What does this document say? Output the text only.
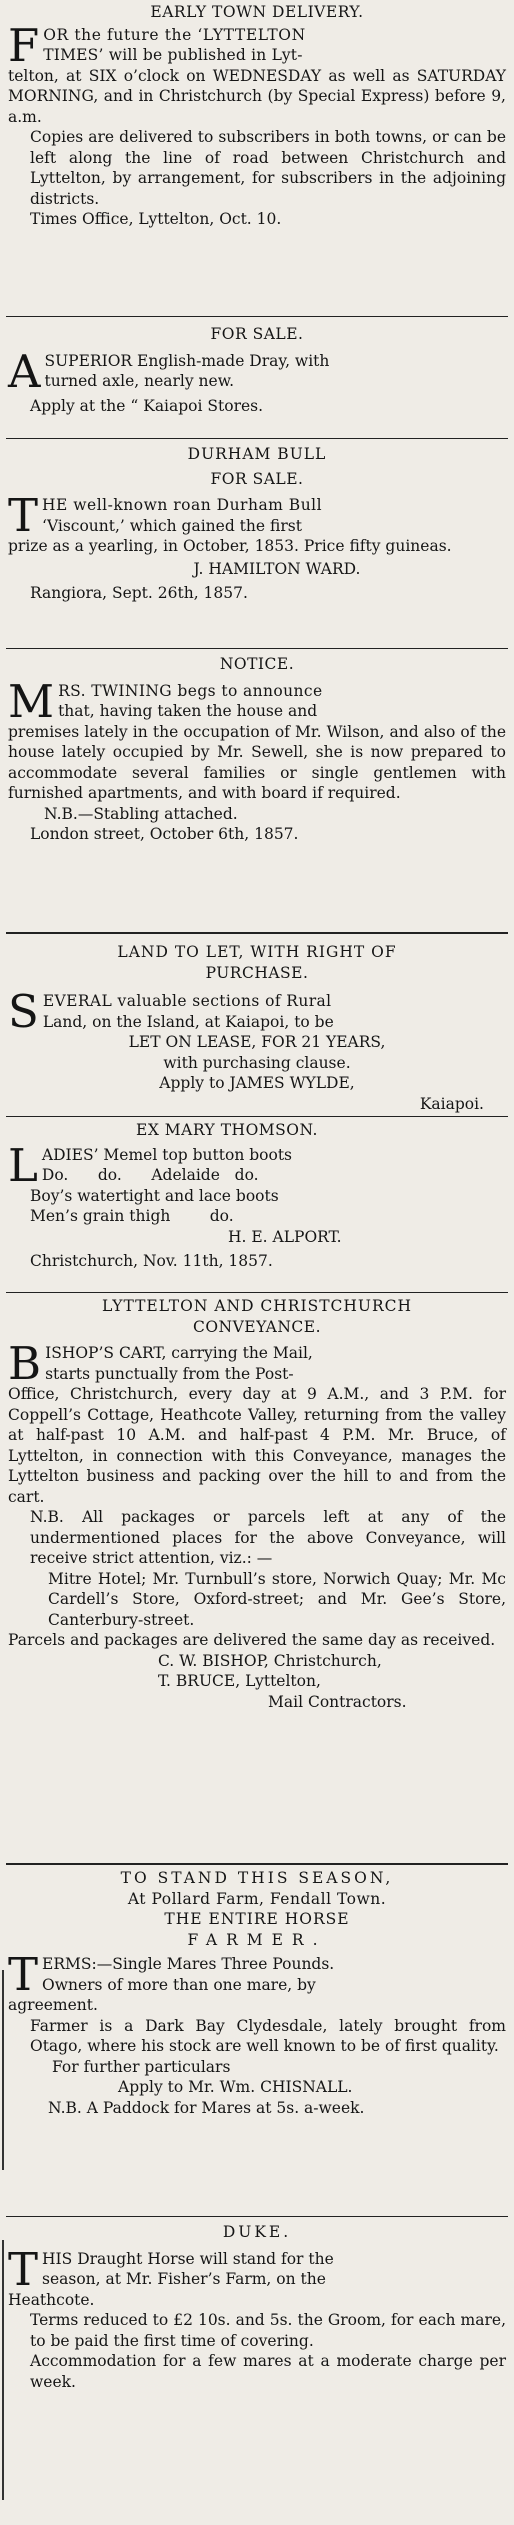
EARLY TOWN DELIVERY.

F OR the future the ‘LYTTELTON

TIMES’ will be published in Lyt-

telton, at SIX o’clock on WEDNESDAY as well as SATURDAY MORNING, and in Christchurch (by Special Express) before 9, a.m.

Copies are delivered to subscribers in both towns, or can be left along the line of road between Christchurch and Lyttelton, by arrangement, for subscribers in the adjoining districts.

Times Office, Lyttelton, Oct. 10.

FOR SALE.

A SUPERIOR English-made Dray, with

turned axle, nearly new.

Apply at the “ Kaiapoi Stores.

DURHAM BULL

FOR SALE.

T HE well-known roan Durham Bull

‘Viscount,’ which gained the first

prize as a yearling, in October, 1853. Price fifty guineas.

J. HAMILTON WARD.

Rangiora, Sept. 26th, 1857.

NOTICE.

M RS. TWINING begs to announce

that, having taken the house and

premises lately in the occupation of Mr. Wilson, and also of the house lately occupied by Mr. Sewell, she is now prepared to accommodate several families or single gentlemen with furnished apartments, and with board if required.

N.B.—Stabling attached.

London street, October 6th, 1857.

LAND TO LET, WITH RIGHT OF

PURCHASE.

S EVERAL valuable sections of Rural

Land, on the Island, at Kaiapoi, to be

LET ON LEASE, FOR 21 YEARS,

with purchasing clause.

Apply to JAMES WYLDE,

Kaiapoi.

EX MARY THOMSON.

L ADIES’ Memel top button boots

Do.      do.      Adelaide   do.

Boy’s watertight and lace boots

Men’s grain thigh        do.

H. E. ALPORT.

Christchurch, Nov. 11th, 1857.

LYTTELTON AND CHRISTCHURCH

CONVEYANCE.

B ISHOP’S CART, carrying the Mail,

starts punctually from the Post-

Office, Christchurch, every day at 9 A.M., and 3 P.M. for Coppell’s Cottage, Heathcote Valley, returning from the valley at half-past 10 A.M. and half-past 4 P.M. Mr. Bruce, of Lyttelton, in connection with this Conveyance, manages the Lyttelton business and packing over the hill to and from the cart.

N.B. All packages or parcels left at any of the undermentioned places for the above Conveyance, will receive strict attention, viz.: —

Mitre Hotel; Mr. Turnbull’s store, Norwich Quay; Mr. Mc Cardell’s Store, Oxford-street; and Mr. Gee’s Store, Canterbury-street.

Parcels and packages are delivered the same day as received.

C. W. BISHOP, Christchurch,

T. BRUCE, Lyttelton,

Mail Contractors.

TO STAND THIS SEASON,

At Pollard Farm, Fendall Town.

THE ENTIRE HORSE

FARMER.

T ERMS:—Single Mares Three Pounds.

Owners of more than one mare, by

agreement.

Farmer is a Dark Bay Clydesdale, lately brought from Otago, where his stock are well known to be of first quality.

For further particulars

Apply to Mr. Wm. CHISNALL.

N.B. A Paddock for Mares at 5s. a-week.

DUKE.

T HIS Draught Horse will stand for the

season, at Mr. Fisher’s Farm, on the

Heathcote.

Terms reduced to £2 10s. and 5s. the Groom, for each mare, to be paid the first time of covering.

Accommodation for a few mares at a moderate charge per week.
